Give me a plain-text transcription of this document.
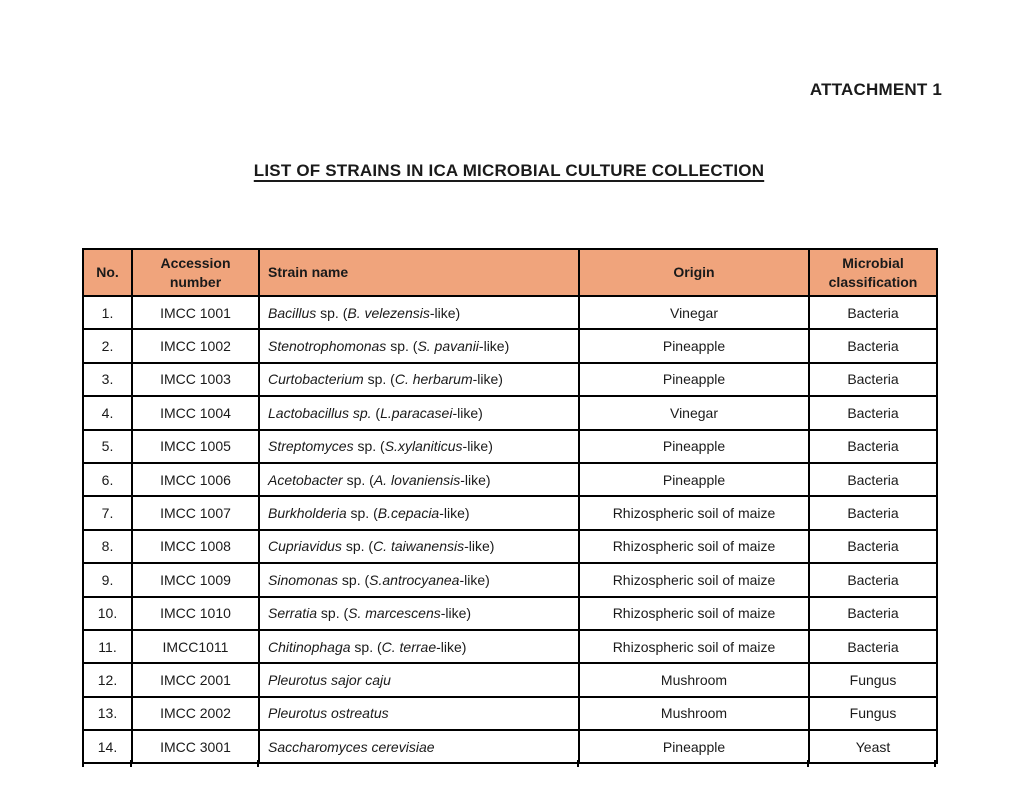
ATTACHMENT 1
LIST OF STRAINS IN ICA MICROBIAL CULTURE COLLECTION
No.	Accession number	Strain name	Origin	Microbial classification
1.	IMCC 1001	Bacillus sp. (B. velezensis-like)	Vinegar	Bacteria
2.	IMCC 1002	Stenotrophomonas sp. (S. pavanii-like)	Pineapple	Bacteria
3.	IMCC 1003	Curtobacterium sp. (C. herbarum-like)	Pineapple	Bacteria
4.	IMCC 1004	Lactobacillus sp. (L.paracasei-like)	Vinegar	Bacteria
5.	IMCC 1005	Streptomyces sp. (S.xylaniticus-like)	Pineapple	Bacteria
6.	IMCC 1006	Acetobacter sp. (A. lovaniensis-like)	Pineapple	Bacteria
7.	IMCC 1007	Burkholderia sp. (B.cepacia-like)	Rhizospheric soil of maize	Bacteria
8.	IMCC 1008	Cupriavidus sp. (C. taiwanensis-like)	Rhizospheric soil of maize	Bacteria
9.	IMCC 1009	Sinomonas sp. (S.antrocyanea-like)	Rhizospheric soil of maize	Bacteria
10.	IMCC 1010	Serratia sp. (S. marcescens-like)	Rhizospheric soil of maize	Bacteria
11.	IMCC1011	Chitinophaga sp. (C. terrae-like)	Rhizospheric soil of maize	Bacteria
12.	IMCC 2001	Pleurotus sajor caju	Mushroom	Fungus
13.	IMCC 2002	Pleurotus ostreatus	Mushroom	Fungus
14.	IMCC 3001	Saccharomyces cerevisiae	Pineapple	Yeast
